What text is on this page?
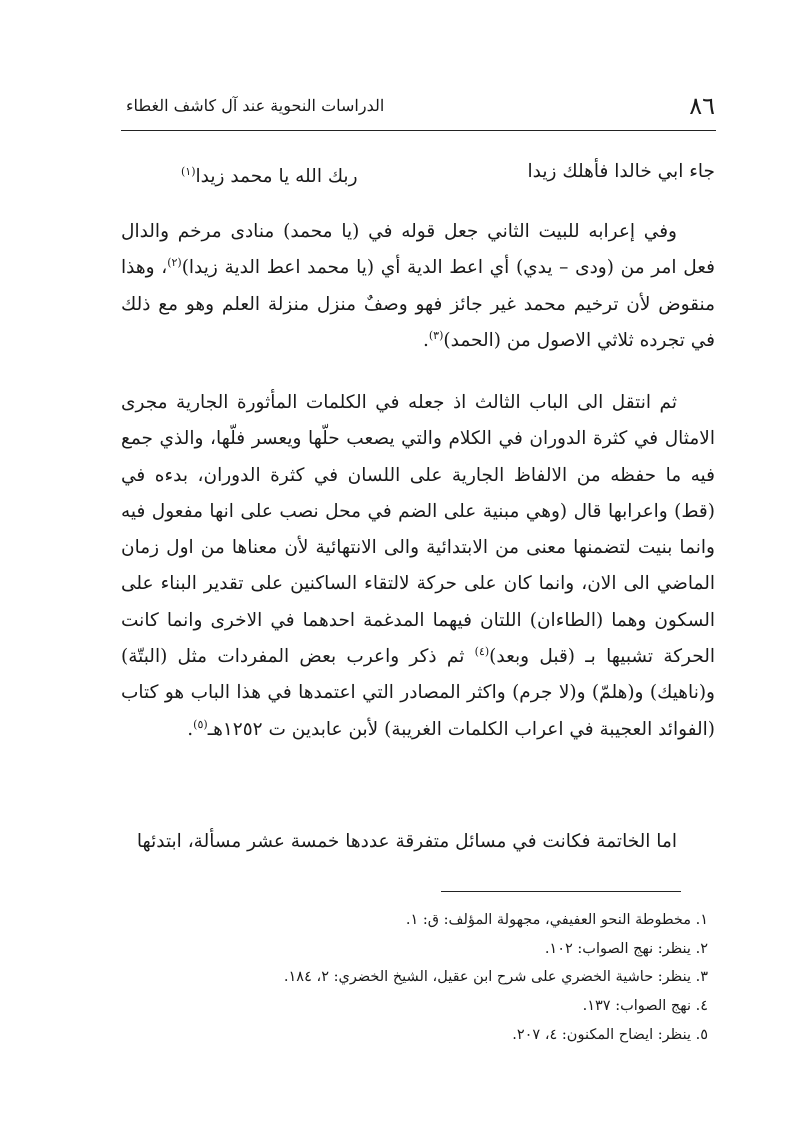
٨٦
الدراسات النحوية عند آل كاشف الغطاء
جاء ابي خالدا فأهلك زيدا
ربك الله يا محمد زيدا$^{(١)}$

وفي إعرابه للبيت الثاني جعل قوله في (يا محمد) منادى مرخم والدال فعل امر من (ودى – يدي) أي اعط الدية أي (يا محمد اعط الدية زيدا)$^{(٢)}$، وهذا منقوض لأن ترخيم محمد غير جائز فهو وصفٌ منزل منزلة العلم وهو مع ذلك في تجرده ثلاثي الاصول من (الحمد)$^{(٣)}$.

ثم انتقل الى الباب الثالث اذ جعله في الكلمات المأثورة الجارية مجرى الامثال في كثرة الدوران في الكلام والتي يصعب حلّها ويعسر فلّها، والذي جمع فيه ما حفظه من الالفاظ الجارية على اللسان في كثرة الدوران، بدءه في (قط) واعرابها قال (وهي مبنية على الضم في محل نصب على انها مفعول فيه وانما بنيت لتضمنها معنى من الابتدائية والى الانتهائية لأن معناها من اول زمان الماضي الى الان، وانما كان على حركة لالتقاء الساكنين على تقدير البناء على السكون وهما (الطاءان) اللتان فيهما المدغمة احدهما في الاخرى وانما كانت الحركة تشبيها بـ (قبل وبعد)$^{(٤)}$ ثم ذكر واعرب بعض المفردات مثل (البتّة) و(ناهيك) و(هلمّ) و(لا جرم) واكثر المصادر التي اعتمدها في هذا الباب هو كتاب (الفوائد العجيبة في اعراب الكلمات الغريبة) لأبن عابدين ت ١٢٥٢هـ$^{(٥)}$.

اما الخاتمة فكانت في مسائل متفرقة عددها خمسة عشر مسألة، ابتدئها

١. مخطوطة النحو العفيفي، مجهولة المؤلف: ق: ١.
٢. ينظر: نهج الصواب: ١٠٢.
٣. ينظر: حاشية الخضري على شرح ابن عقيل، الشيخ الخضري: ٢، ١٨٤.
٤. نهج الصواب: ١٣٧.
٥. ينظر: ايضاح المكنون: ٤، ٢٠٧.
